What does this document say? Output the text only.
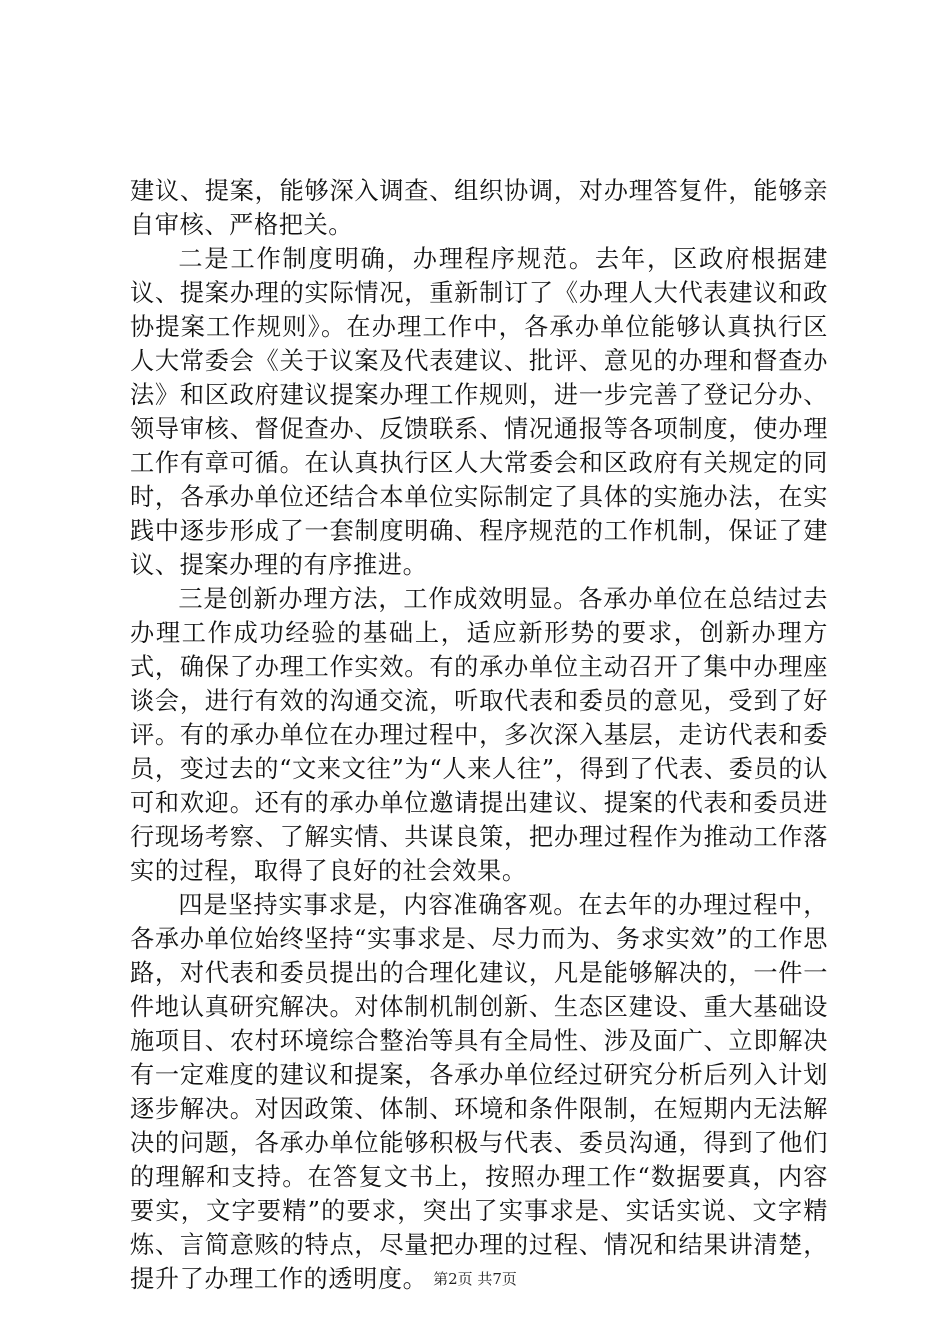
建议、提案，能够深入调查、组织协调，对办理答复件，能够亲自审核、严格把关。

二是工作制度明确，办理程序规范。去年，区政府根据建议、提案办理的实际情况，重新制订了《办理人大代表建议和政协提案工作规则》。在办理工作中，各承办单位能够认真执行区人大常委会《关于议案及代表建议、批评、意见的办理和督查办法》和区政府建议提案办理工作规则，进一步完善了登记分办、领导审核、督促查办、反馈联系、情况通报等各项制度，使办理工作有章可循。在认真执行区人大常委会和区政府有关规定的同时，各承办单位还结合本单位实际制定了具体的实施办法，在实践中逐步形成了一套制度明确、程序规范的工作机制，保证了建议、提案办理的有序推进。

三是创新办理方法，工作成效明显。各承办单位在总结过去办理工作成功经验的基础上，适应新形势的要求，创新办理方式，确保了办理工作实效。有的承办单位主动召开了集中办理座谈会，进行有效的沟通交流，听取代表和委员的意见，受到了好评。有的承办单位在办理过程中，多次深入基层，走访代表和委员，变过去的“文来文往”为“人来人往”，得到了代表、委员的认可和欢迎。还有的承办单位邀请提出建议、提案的代表和委员进行现场考察、了解实情、共谋良策，把办理过程作为推动工作落实的过程，取得了良好的社会效果。

四是坚持实事求是，内容准确客观。在去年的办理过程中，各承办单位始终坚持“实事求是、尽力而为、务求实效”的工作思路，对代表和委员提出的合理化建议，凡是能够解决的，一件一件地认真研究解决。对体制机制创新、生态区建设、重大基础设施项目、农村环境综合整治等具有全局性、涉及面广、立即解决有一定难度的建议和提案，各承办单位经过研究分析后列入计划逐步解决。对因政策、体制、环境和条件限制，在短期内无法解决的问题，各承办单位能够积极与代表、委员沟通，得到了他们的理解和支持。在答复文书上，按照办理工作“数据要真，内容要实，文字要精”的要求，突出了实事求是、实话实说、文字精炼、言简意赅的特点，尽量把办理的过程、情况和结果讲清楚，提升了办理工作的透明度。 第2页 共7页
